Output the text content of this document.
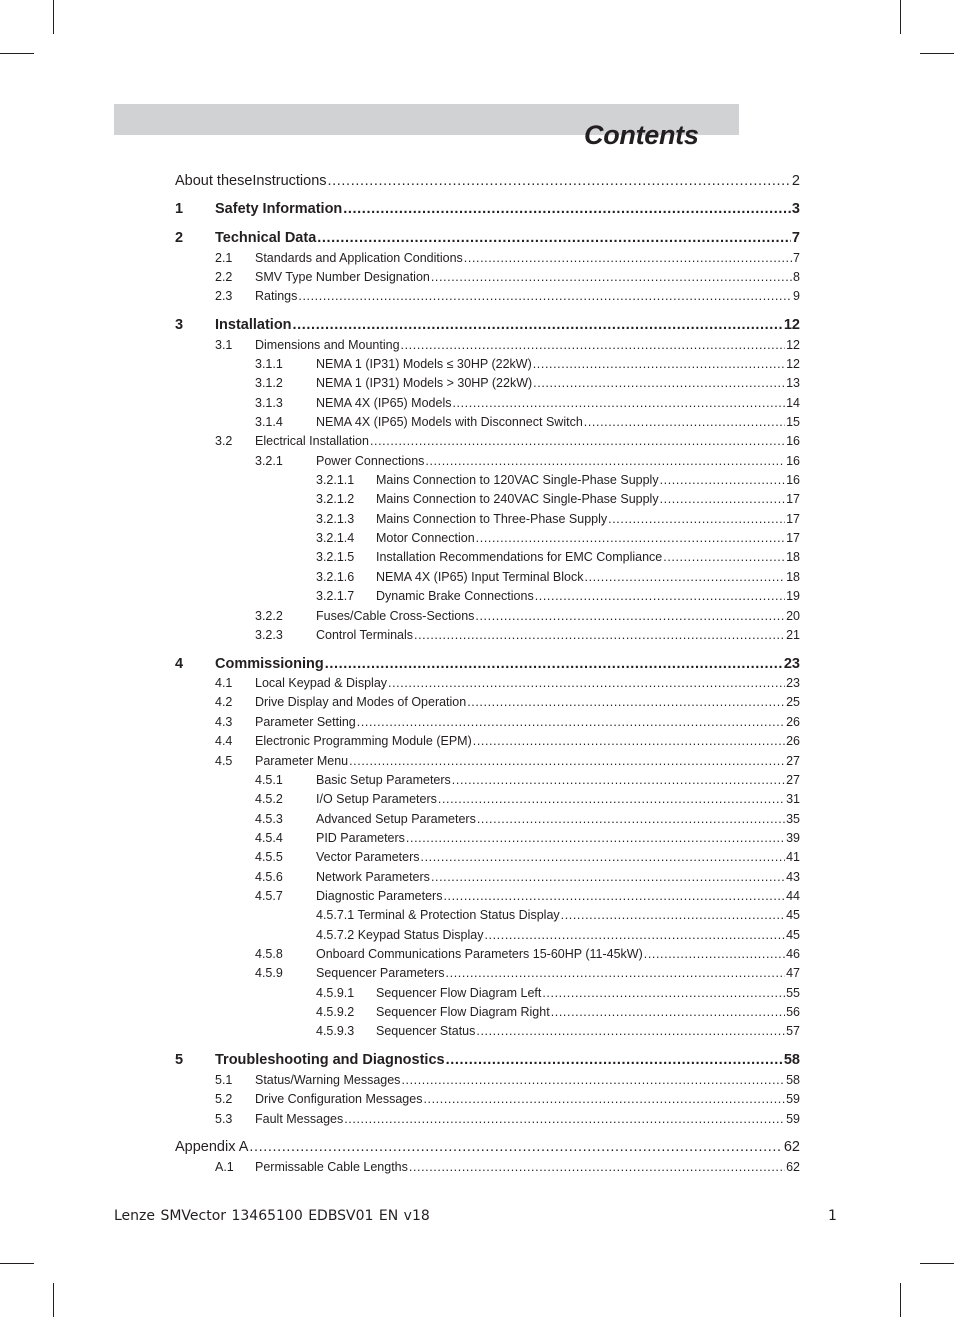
Contents
About theseInstructions .....	2
1	Safety Information .....	3
2	Technical Data .....	7
2.1	Standards and Application Conditions .....	7
2.2	SMV Type Number Designation .....	8
2.3	Ratings .....	9
3	Installation .....	12
3.1	Dimensions and Mounting .....	12
3.1.1	NEMA 1 (IP31) Models ≤ 30HP (22kW) .....	12
3.1.2	NEMA 1 (IP31) Models > 30HP (22kW) .....	13
3.1.3	NEMA 4X (IP65) Models .....	14
3.1.4	NEMA 4X (IP65) Models with Disconnect Switch .....	15
3.2	Electrical Installation .....	16
3.2.1	Power Connections .....	16
3.2.1.1	Mains Connection to 120VAC Single-Phase Supply .....	16
3.2.1.2	Mains Connection to 240VAC Single-Phase Supply .....	17
3.2.1.3	Mains Connection to Three-Phase Supply .....	17
3.2.1.4	Motor Connection .....	17
3.2.1.5	Installation Recommendations for EMC Compliance .....	18
3.2.1.6	NEMA 4X (IP65) Input Terminal Block .....	18
3.2.1.7	Dynamic Brake Connections .....	19
3.2.2	Fuses/Cable Cross-Sections .....	20
3.2.3	Control Terminals .....	21
4	Commissioning .....	23
4.1	Local Keypad & Display .....	23
4.2	Drive Display and Modes of Operation .....	25
4.3	Parameter Setting .....	26
4.4	Electronic Programming Module (EPM) .....	26
4.5	Parameter Menu .....	27
4.5.1	Basic Setup Parameters .....	27
4.5.2	I/O Setup Parameters .....	31
4.5.3	Advanced Setup Parameters .....	35
4.5.4	PID Parameters .....	39
4.5.5	Vector Parameters .....	41
4.5.6	Network Parameters .....	43
4.5.7	Diagnostic Parameters .....	44
4.5.7.1 Terminal & Protection Status Display .....	45
4.5.7.2 Keypad Status Display .....	45
4.5.8	Onboard Communications Parameters 15-60HP (11-45kW) .....	46
4.5.9	Sequencer Parameters .....	47
4.5.9.1	Sequencer Flow Diagram Left .....	55
4.5.9.2	Sequencer Flow Diagram Right .....	56
4.5.9.3	Sequencer Status .....	57
5	Troubleshooting and Diagnostics .....	58
5.1	Status/Warning Messages .....	58
5.2	Drive Configuration Messages .....	59
5.3	Fault Messages .....	59
Appendix A .....	62
A.1	Permissable Cable Lengths .....	62
Lenze SMVector 13465100 EDBSV01 EN v18	1
